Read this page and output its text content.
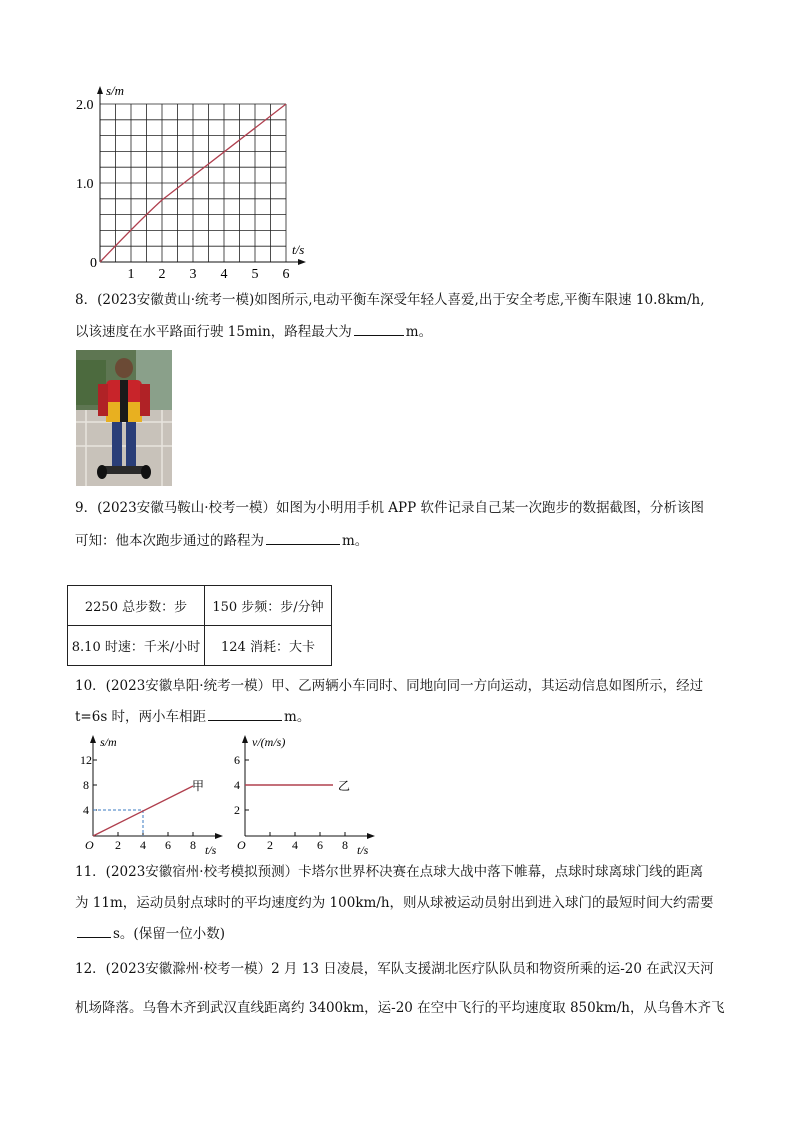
s/m
t/s
2.0
1.0
0
1 2 3 4 5 6
8．(2023安徽黄山·统考一模)如图所示,电动平衡车深受年轻人喜爱,出于安全考虑,平衡车限速 10.8km/h,
以该速度在水平路面行驶 15min，路程最大为	m。
9．(2023安徽马鞍山·校考一模）如图为小明用手机 APP 软件记录自己某一次跑步的数据截图，分析该图
可知：他本次跑步通过的路程为	m。
2250 总步数：步	150 步频：步/分钟
8.10 时速：千米/小时	124 消耗：大卡
10．(2023安徽阜阳·统考一模）甲、乙两辆小车同时、同地向同一方向运动，其运动信息如图所示，经过
t=6s 时，两小车相距	m。
s/m
t/s
12
8
4
O 2 4 6 8
甲
v/(m/s)
t/s
6
4
2
O 2 4 6 8
乙
11．(2023安徽宿州·校考模拟预测）卡塔尔世界杯决赛在点球大战中落下帷幕，点球时球离球门线的距离
为 11m，运动员射点球时的平均速度约为 100km/h，则从球被运动员射出到进入球门的最短时间大约需要
s。(保留一位小数)
12．(2023安徽滁州·校考一模）2 月 13 日凌晨，军队支援湖北医疗队队员和物资所乘的运-20 在武汉天河
机场降落。乌鲁木齐到武汉直线距离约 3400km，运-20 在空中飞行的平均速度取 850km/h，从乌鲁木齐飞
